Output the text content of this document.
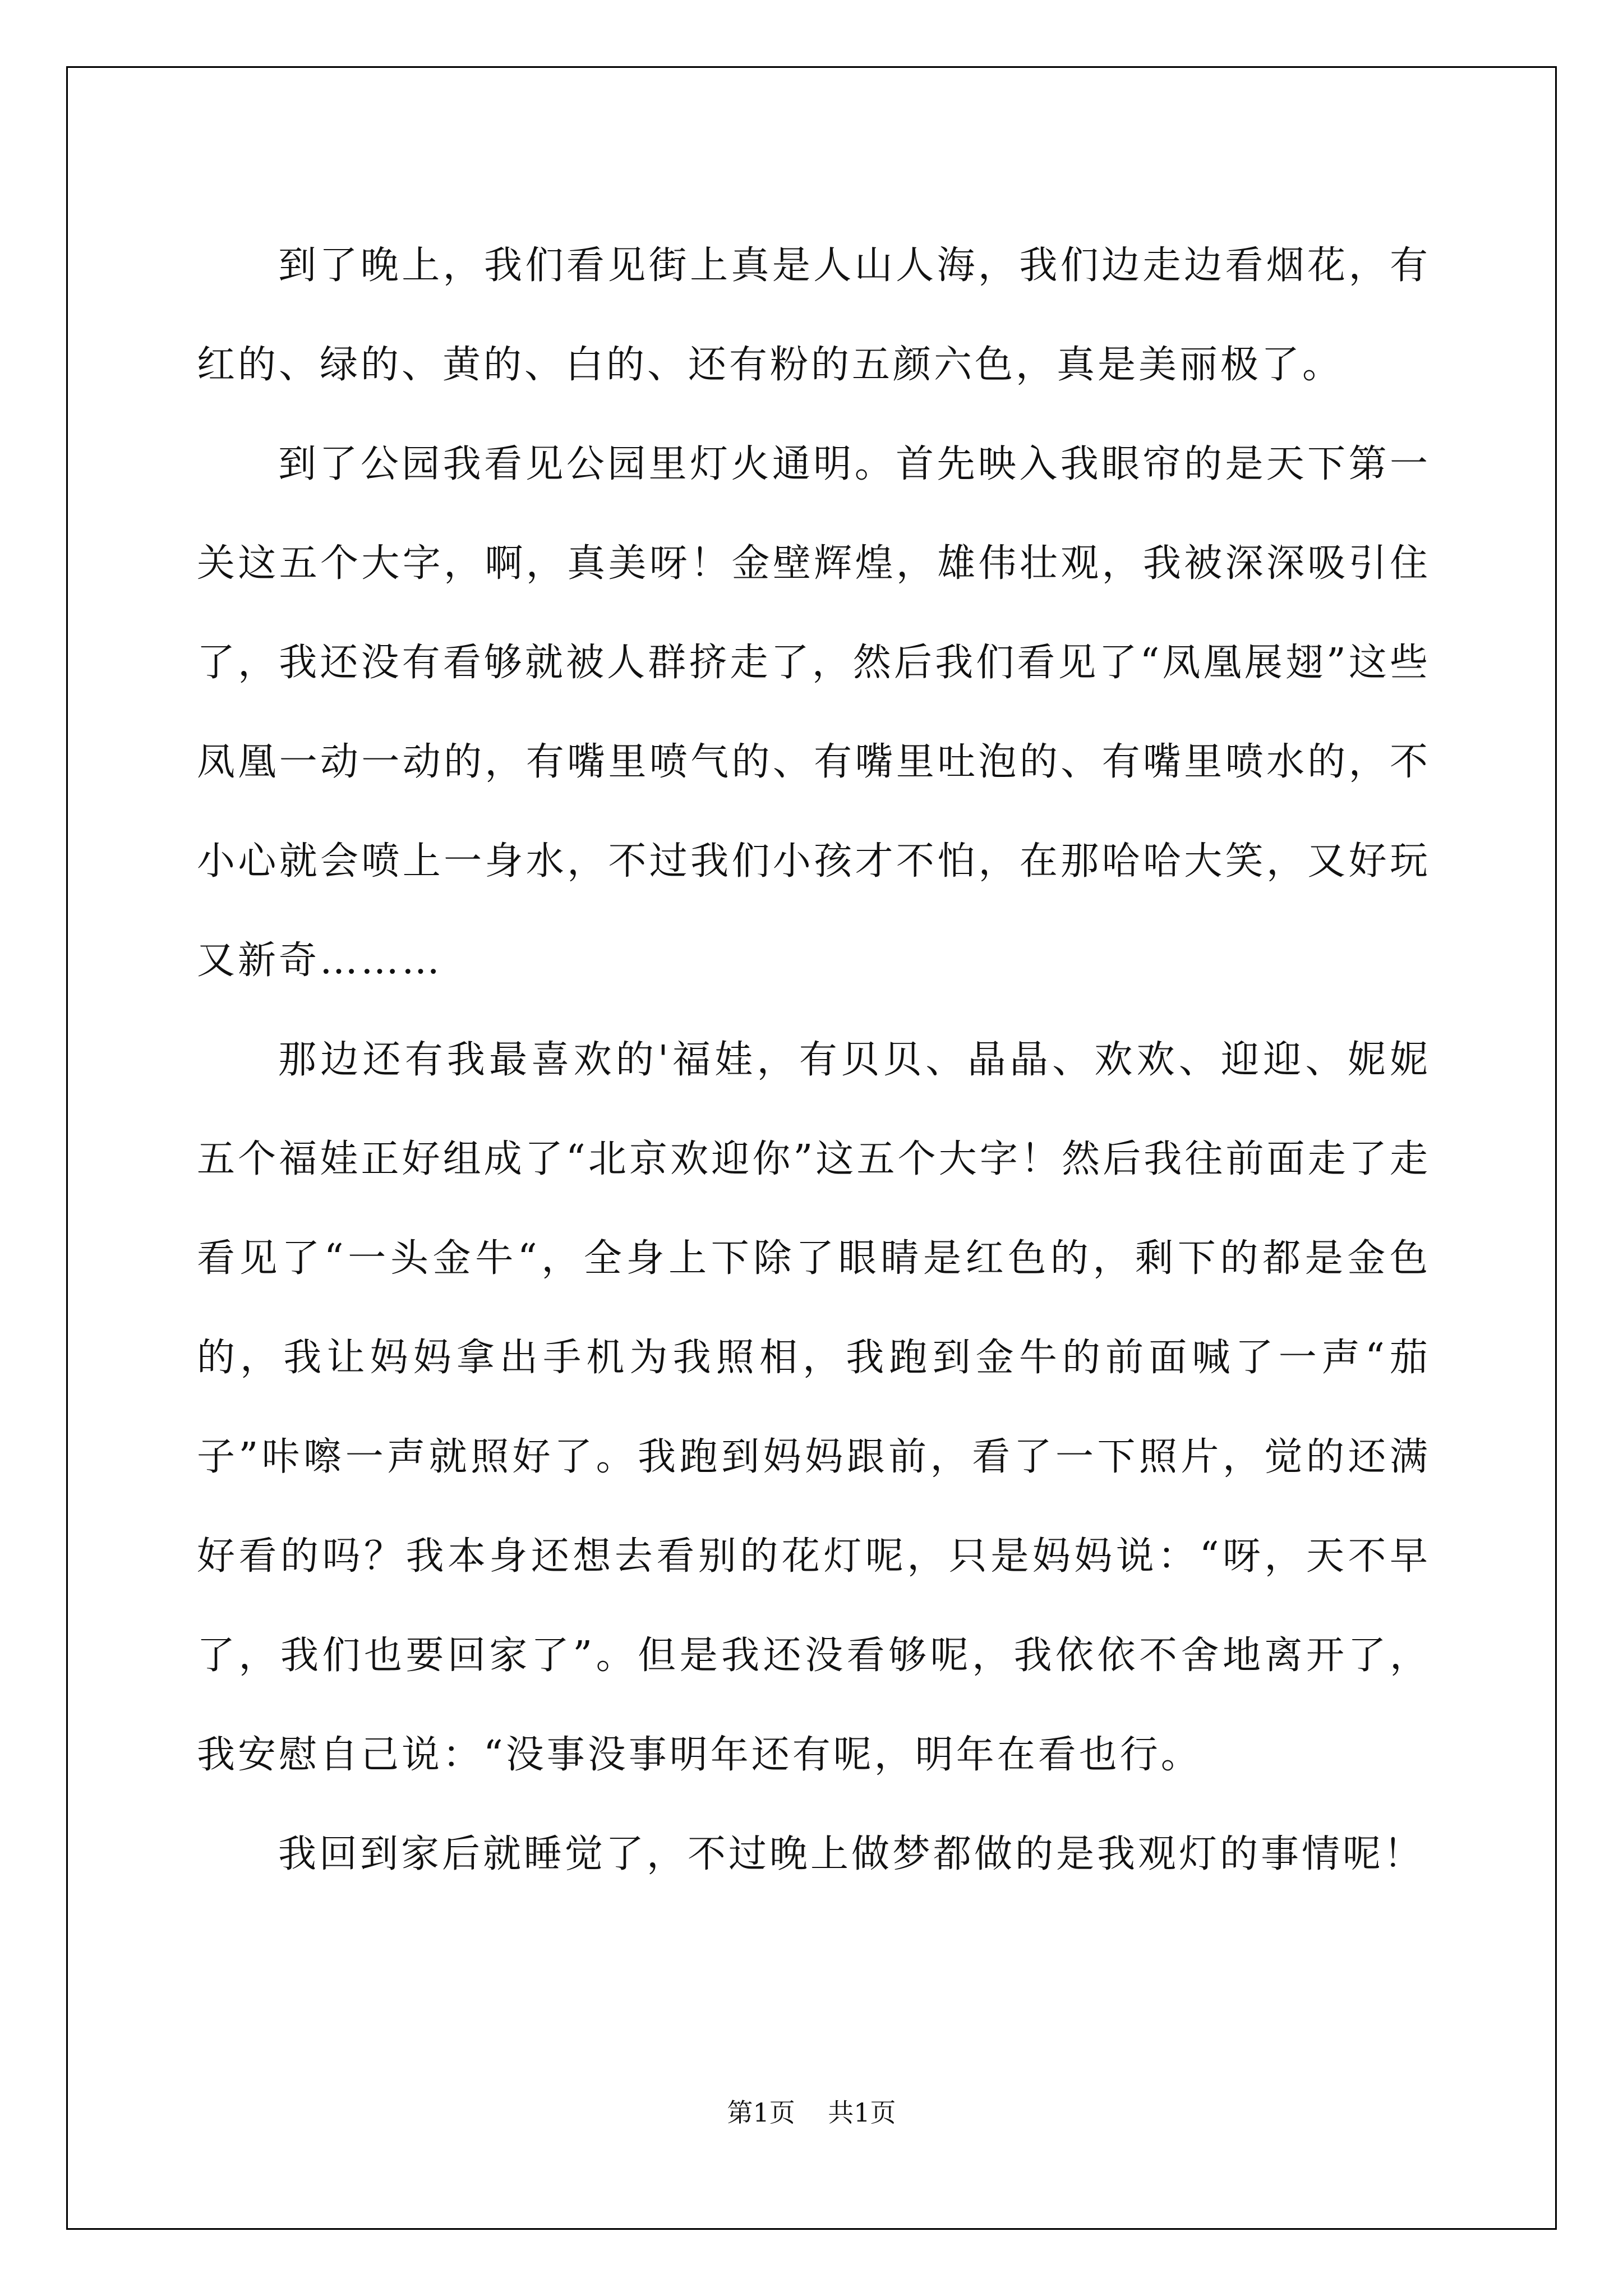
到了晚上，我们看见街上真是人山人海，我们边走边看烟花，有红的、绿的、黄的、白的、还有粉的五颜六色，真是美丽极了。

到了公园我看见公园里灯火通明。首先映入我眼帘的是天下第一关这五个大字，啊，真美呀！金壁辉煌，雄伟壮观，我被深深吸引住了，我还没有看够就被人群挤走了，然后我们看见了“凤凰展翅”这些凤凰一动一动的，有嘴里喷气的、有嘴里吐泡的、有嘴里喷水的，不小心就会喷上一身水，不过我们小孩才不怕，在那哈哈大笑，又好玩又新奇………

那边还有我最喜欢的'福娃，有贝贝、晶晶、欢欢、迎迎、妮妮五个福娃正好组成了“北京欢迎你”这五个大字！然后我往前面走了走看见了“一头金牛“，全身上下除了眼睛是红色的，剩下的都是金色的，我让妈妈拿出手机为我照相，我跑到金牛的前面喊了一声“茄子”咔嚓一声就照好了。我跑到妈妈跟前，看了一下照片，觉的还满好看的吗？我本身还想去看别的花灯呢，只是妈妈说：“呀，天不早了，我们也要回家了”。但是我还没看够呢，我依依不舍地离开了，我安慰自己说：“没事没事明年还有呢，明年在看也行。

我回到家后就睡觉了，不过晚上做梦都做的是我观灯的事情呢！

第1页 共1页
